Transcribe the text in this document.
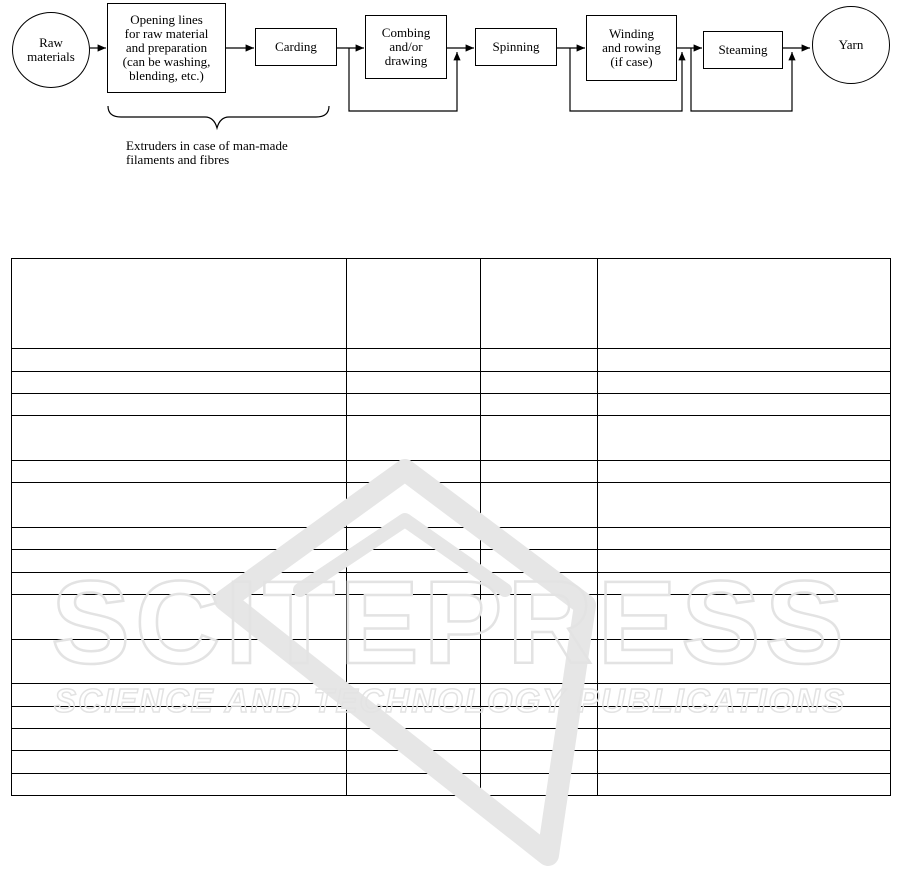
Raw
materials
Opening lines
for raw material
and preparation
(can be washing,
blending, etc.)
Carding
Combing
and/or
drawing
Spinning
Winding
and rowing
(if case)
Steaming	Yarn
Extruders in case of man-made
filaments and fibres

SCITEPRESS
SCIENCE AND TECHNOLOGY PUBLICATIONS
